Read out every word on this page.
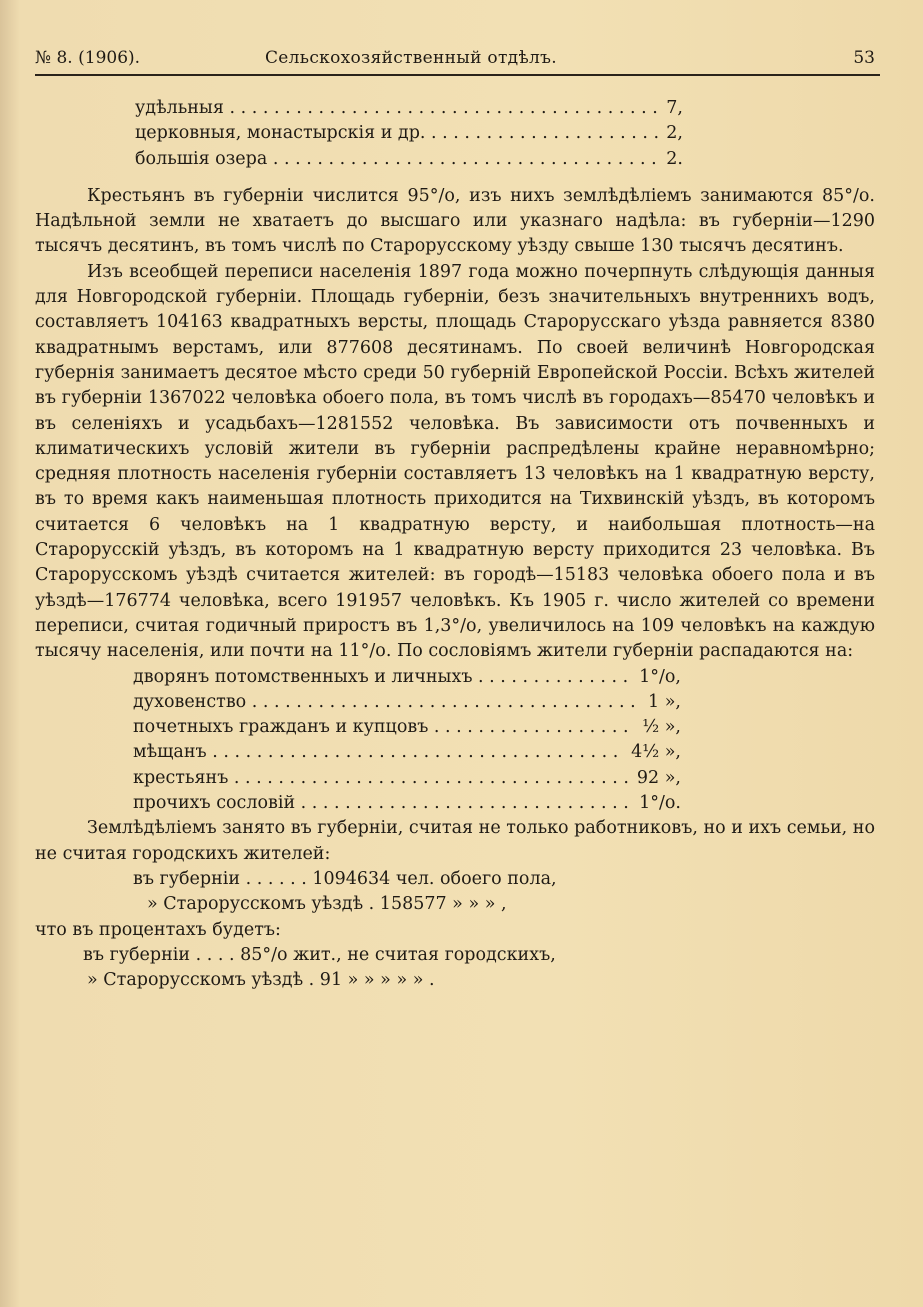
№ 8. (1906).	Сельскохозяйственный отдѣлъ.	53
удѣльныя . . .	7,
церковныя, монастырскія и др. . . .	2,
большія озера . . .	2.

Крестьянъ въ губерніи числится 95°/о, изъ нихъ землѣдѣліемъ занимаются 85°/о. Надѣльной земли не хватаетъ до высшаго или указнаго надѣла: въ губерніи—1290 тысячъ десятинъ, въ томъ числѣ по Старорусскому уѣзду свыше 130 тысячъ десятинъ.

Изъ всеобщей переписи населенія 1897 года можно почерпнуть слѣдующія данныя для Новгородской губерніи. Площадь губерніи, безъ значительныхъ внутреннихъ водъ, составляетъ 104163 квадратныхъ версты, площадь Старорусскаго уѣзда равняется 8380 квадратнымъ верстамъ, или 877608 десятинамъ. По своей величинѣ Новгородская губернія занимаетъ десятое мѣсто среди 50 губерній Европейской Россіи. Всѣхъ жителей въ губерніи 1367022 человѣка обоего пола, въ томъ числѣ въ городахъ—85470 человѣкъ и въ селеніяхъ и усадьбахъ—1281552 человѣка. Въ зависимости отъ почвенныхъ и климатическихъ условій жители въ губерніи распредѣлены крайне неравномѣрно; средняя плотность населенія губерніи составляетъ 13 человѣкъ на 1 квадратную версту, въ то время какъ наименьшая плотность приходится на Тихвинскій уѣздъ, въ которомъ считается 6 человѣкъ на 1 квадратную версту, и наибольшая плотность—на Старорусскій уѣздъ, въ которомъ на 1 квадратную версту приходится 23 человѣка. Въ Старорусскомъ уѣздѣ считается жителей: въ городѣ—15183 человѣка обоего пола и въ уѣздѣ—176774 человѣка, всего 191957 человѣкъ. Къ 1905 г. число жителей со времени переписи, считая годичный приростъ въ 1,3°/о, увеличилось на 109 человѣкъ на каждую тысячу населенія, или почти на 11°/о. По сословіямъ жители губерніи распадаются на:

дворянъ потомственныхъ и личныхъ . . .	1°/о,
духовенство . . .	1 »,
почетныхъ гражданъ и купцовъ . . .	½ »,
мѣщанъ . . .	4½ »,
крестьянъ . . .	92 »,
прочихъ сословій . . .	1°/о.

Землѣдѣліемъ занято въ губерніи, считая не только работниковъ, но и ихъ семьи, но не считая городскихъ жителей:

въ губерніи . . . . . . 1094634 чел. обоего пола,
» Старорусскомъ уѣздѣ . 158577 » » » ,

что въ процентахъ будетъ:

въ губерніи . . . . 85°/о жит., не считая городскихъ,
» Старорусскомъ уѣздѣ . 91 » » » » » .
